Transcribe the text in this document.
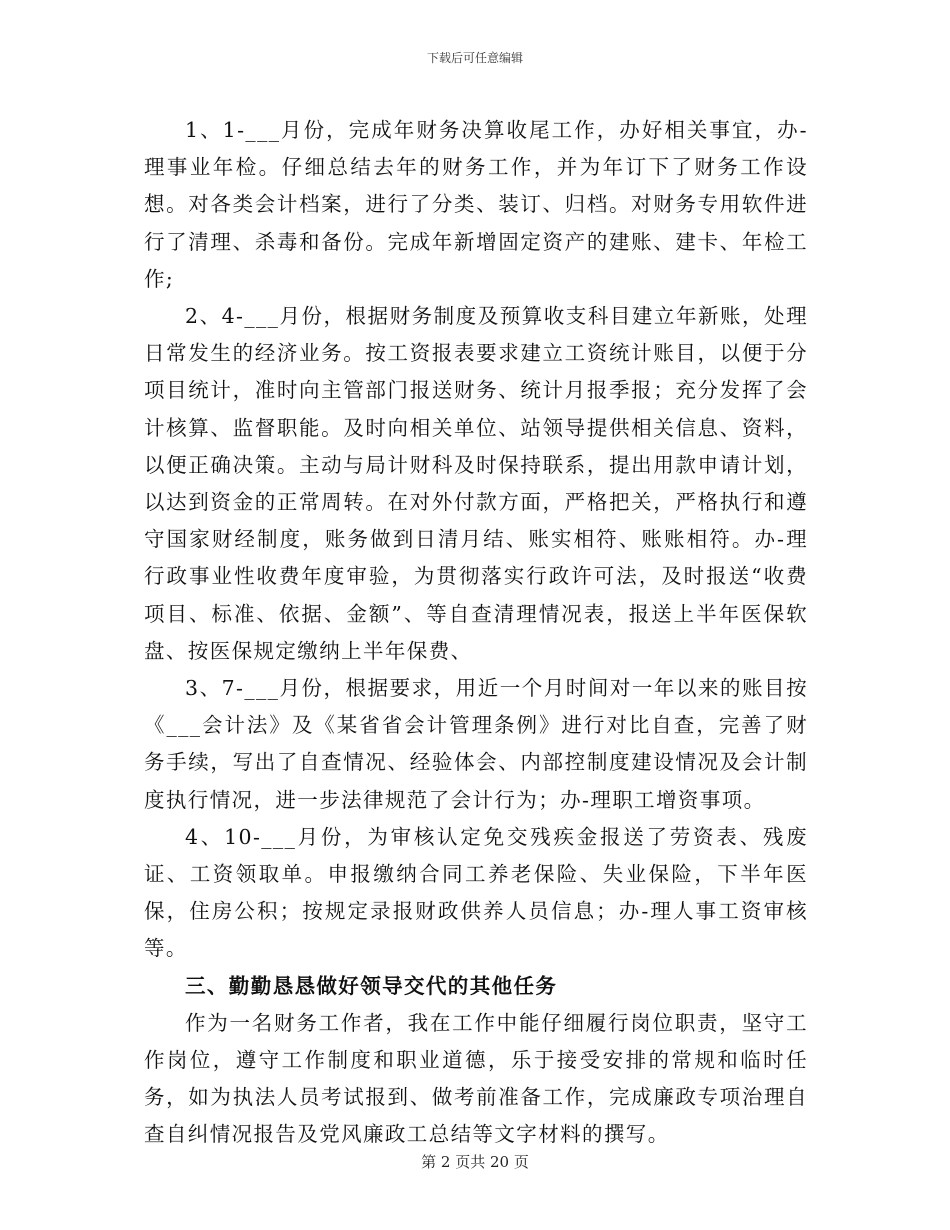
下载后可任意编辑

1、1-___月份，完成年财务决算收尾工作，办好相关事宜，办-理事业年检。仔细总结去年的财务工作，并为年订下了财务工作设想。对各类会计档案，进行了分类、装订、归档。对财务专用软件进行了清理、杀毒和备份。完成年新增固定资产的建账、建卡、年检工作;

2、4-___月份，根据财务制度及预算收支科目建立年新账，处理日常发生的经济业务。按工资报表要求建立工资统计账目，以便于分项目统计，准时向主管部门报送财务、统计月报季报；充分发挥了会计核算、监督职能。及时向相关单位、站领导提供相关信息、资料，以便正确决策。主动与局计财科及时保持联系，提出用款申请计划，以达到资金的正常周转。在对外付款方面，严格把关，严格执行和遵守国家财经制度，账务做到日清月结、账实相符、账账相符。办-理行政事业性收费年度审验，为贯彻落实行政许可法，及时报送“收费项目、标准、依据、金额”、等自查清理情况表，报送上半年医保软盘、按医保规定缴纳上半年保费、

3、7-___月份，根据要求，用近一个月时间对一年以来的账目按《___会计法》及《某省省会计管理条例》进行对比自查，完善了财务手续，写出了自查情况、经验体会、内部控制度建设情况及会计制度执行情况，进一步法律规范了会计行为；办-理职工增资事项。

4、10-___月份，为审核认定免交残疾金报送了劳资表、残废证、工资领取单。申报缴纳合同工养老保险、失业保险，下半年医保，住房公积；按规定录报财政供养人员信息；办-理人事工资审核等。

三、勤勤恳恳做好领导交代的其他任务

作为一名财务工作者，我在工作中能仔细履行岗位职责，坚守工作岗位，遵守工作制度和职业道德，乐于接受安排的常规和临时任务，如为执法人员考试报到、做考前准备工作，完成廉政专项治理自查自纠情况报告及党风廉政工总结等文字材料的撰写。

第 2 页共 20 页
